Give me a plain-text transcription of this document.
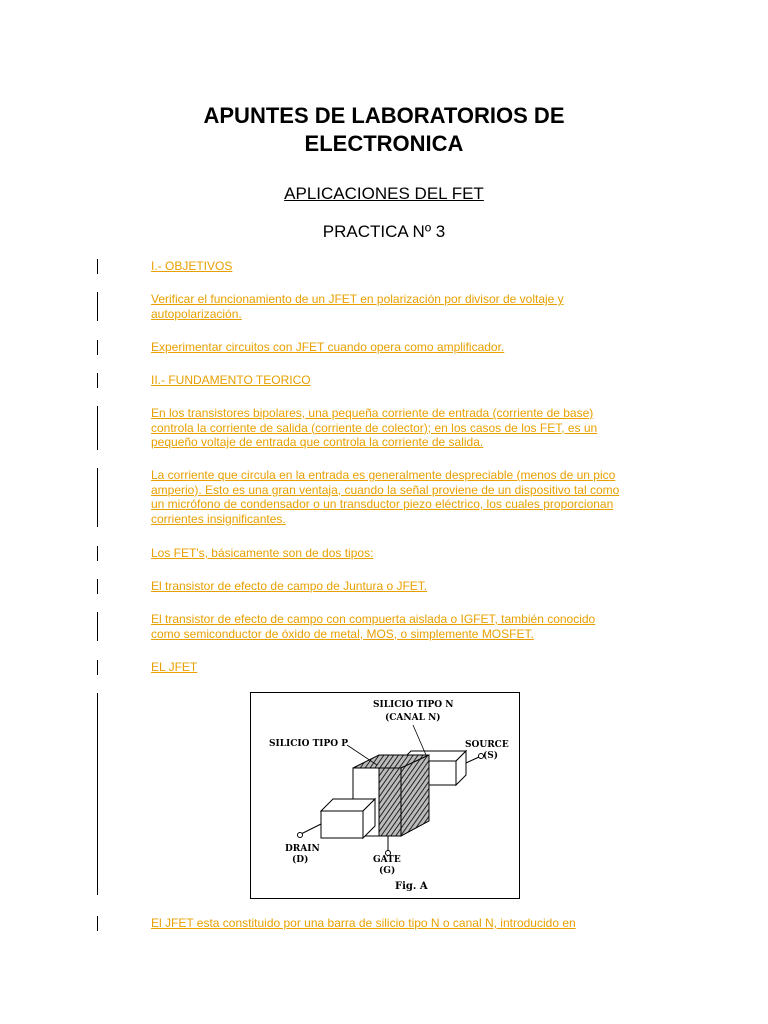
APUNTES DE LABORATORIOS DE
ELECTRONICA
APLICACIONES DEL FET
PRACTICA Nº 3
I.- OBJETIVOS
Verificar el funcionamiento de un JFET en polarización por divisor de voltaje y autopolarización.
Experimentar circuitos con JFET cuando opera como amplificador.
II.- FUNDAMENTO TEORICO
En los transistores bipolares, una pequeña corriente de entrada (corriente de base) controla la corriente de salida (corriente de colector); en los casos de los FET, es un pequeño voltaje de entrada que controla la corriente de salida.
La corriente que circula en la entrada es generalmente despreciable (menos de un pico amperio). Esto es una gran ventaja, cuando la señal proviene de un dispositivo tal como un micrófono de condensador o un transductor piezo eléctrico, los cuales proporcionan corrientes insignificantes.
Los FET's, básicamente son de dos tipos:
El transistor de efecto de campo de Juntura o JFET.
El transistor de efecto de campo con compuerta aislada o IGFET, también conocido como semiconductor de óxido de metal, MOS, o simplemente MOSFET.
EL JFET
SILICIO TIPO N
(CANAL N)
SILICIO TIPO P	SOURCE
(S)
DRAIN
(D)	GATE
(G)
Fig. A
El JFET esta constituido por una barra de silicio tipo N o canal N, introducido en
